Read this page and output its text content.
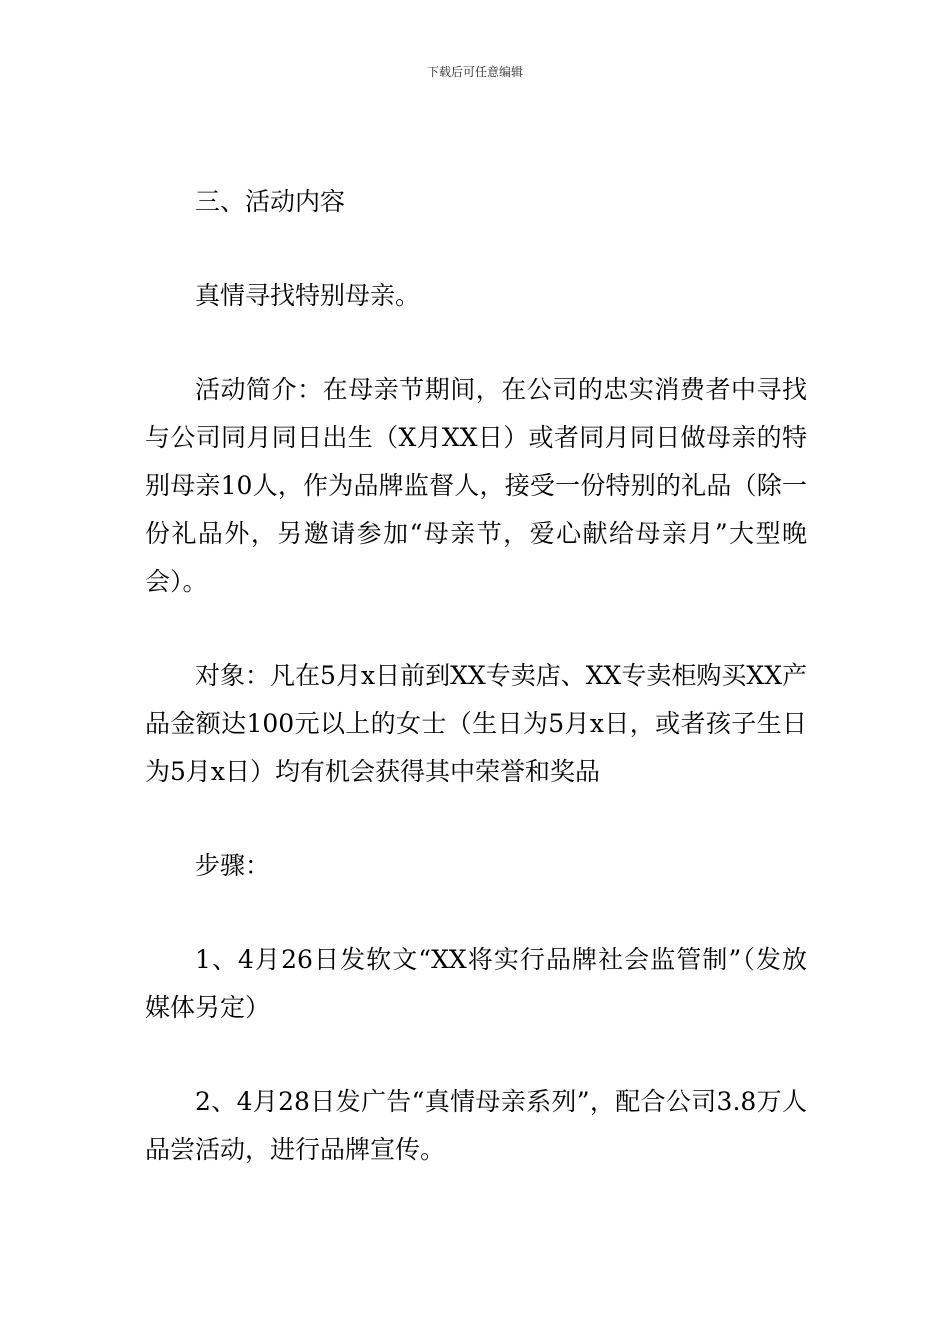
下载后可任意编辑

三、活动内容

真情寻找特别母亲。

活动简介：在母亲节期间，在公司的忠实消费者中寻找与公司同月同日出生（X月XX日）或者同月同日做母亲的特别母亲10人，作为品牌监督人，接受一份特别的礼品（除一份礼品外，另邀请参加“母亲节，爱心献给母亲月”大型晚会）。

对象：凡在5月x日前到XX专卖店、XX专卖柜购买XX产品金额达100元以上的女士（生日为5月x日，或者孩子生日为5月x日）均有机会获得其中荣誉和奖品

步骤：

1、4月26日发软文“XX将实行品牌社会监管制”（发放媒体另定）

2、4月28日发广告“真情母亲系列”，配合公司3.8万人品尝活动，进行品牌宣传。
